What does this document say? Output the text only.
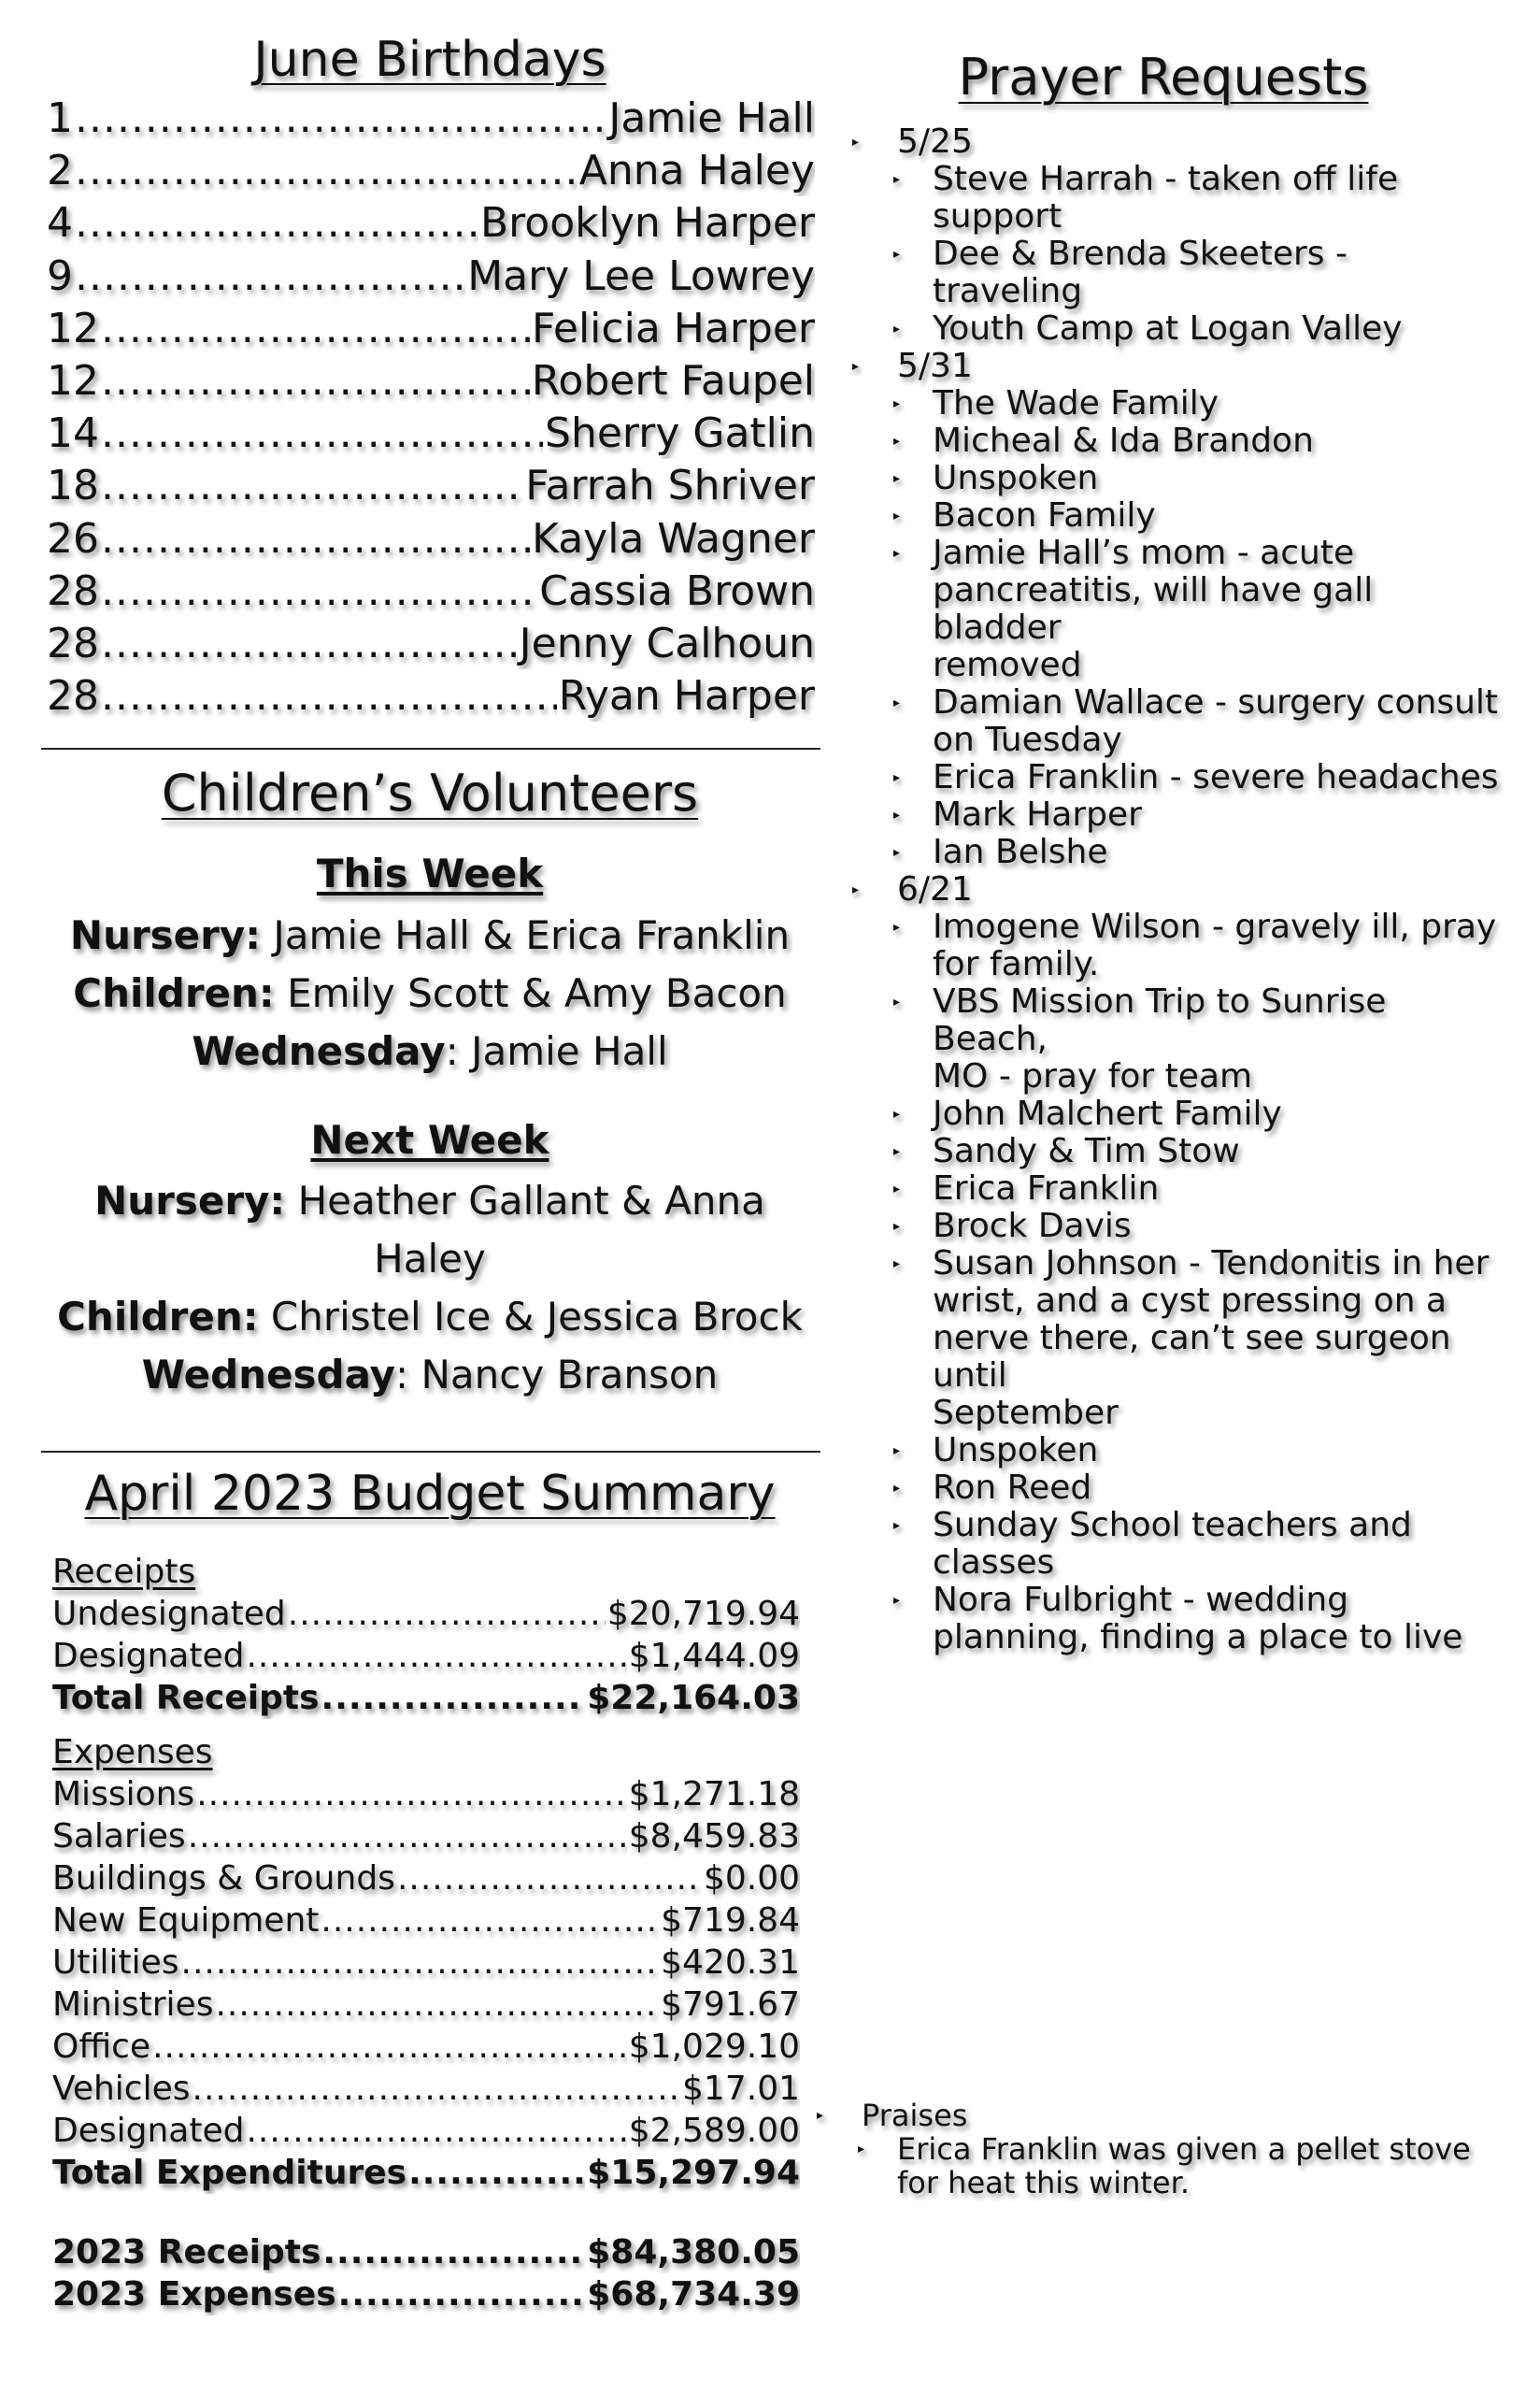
June Birthdays
1 .....	Jamie Hall
2 .....	Anna Haley
4 .....	Brooklyn Harper
9 .....	Mary Lee Lowrey
12 .....	Felicia Harper
12 .....	Robert Faupel
14 .....	Sherry Gatlin
18 .....	Farrah Shriver
26 .....	Kayla Wagner
28 .....	Cassia Brown
28 .....	Jenny Calhoun
28 .....	Ryan Harper
Children’s Volunteers
This Week
Nursery: Jamie Hall & Erica Franklin
Children: Emily Scott & Amy Bacon
Wednesday: Jamie Hall
Next Week
Nursery: Heather Gallant & Anna
Haley
Children: Christel Ice & Jessica Brock
Wednesday: Nancy Branson
April 2023 Budget Summary
Receipts
Undesignated .....	$20,719.94
Designated .....	$1,444.09
Total Receipts .....	$22,164.03
Expenses
Missions .....	$1,271.18
Salaries .....	$8,459.83
Buildings & Grounds .....	$0.00
New Equipment .....	$719.84
Utilities .....	$420.31
Ministries .....	$791.67
Office .....	$1,029.10
Vehicles .....	$17.01
Designated .....	$2,589.00
Total Expenditures .....	$15,297.94
2023 Receipts .....	$84,380.05
2023 Expenses .....	$68,734.39
Prayer Requests
▸ 5/25
▸ Steve Harrah - taken off life
support
▸ Dee & Brenda Skeeters - traveling
▸ Youth Camp at Logan Valley
▸ 5/31
▸ The Wade Family
▸ Micheal & Ida Brandon
▸ Unspoken
▸ Bacon Family
▸ Jamie Hall’s mom - acute
pancreatitis, will have gall bladder
removed
▸ Damian Wallace - surgery consult
on Tuesday
▸ Erica Franklin - severe headaches
▸ Mark Harper
▸ Ian Belshe
▸ 6/21
▸ Imogene Wilson - gravely ill, pray
for family.
▸ VBS Mission Trip to Sunrise Beach,
MO - pray for team
▸ John Malchert Family
▸ Sandy & Tim Stow
▸ Erica Franklin
▸ Brock Davis
▸ Susan Johnson - Tendonitis in her
wrist, and a cyst pressing on a
nerve there, can’t see surgeon until
September
▸ Unspoken
▸ Ron Reed
▸ Sunday School teachers and
classes
▸ Nora Fulbright - wedding
planning, finding a place to live
▸ Praises
▸ Erica Franklin was given a pellet stove
for heat this winter.
